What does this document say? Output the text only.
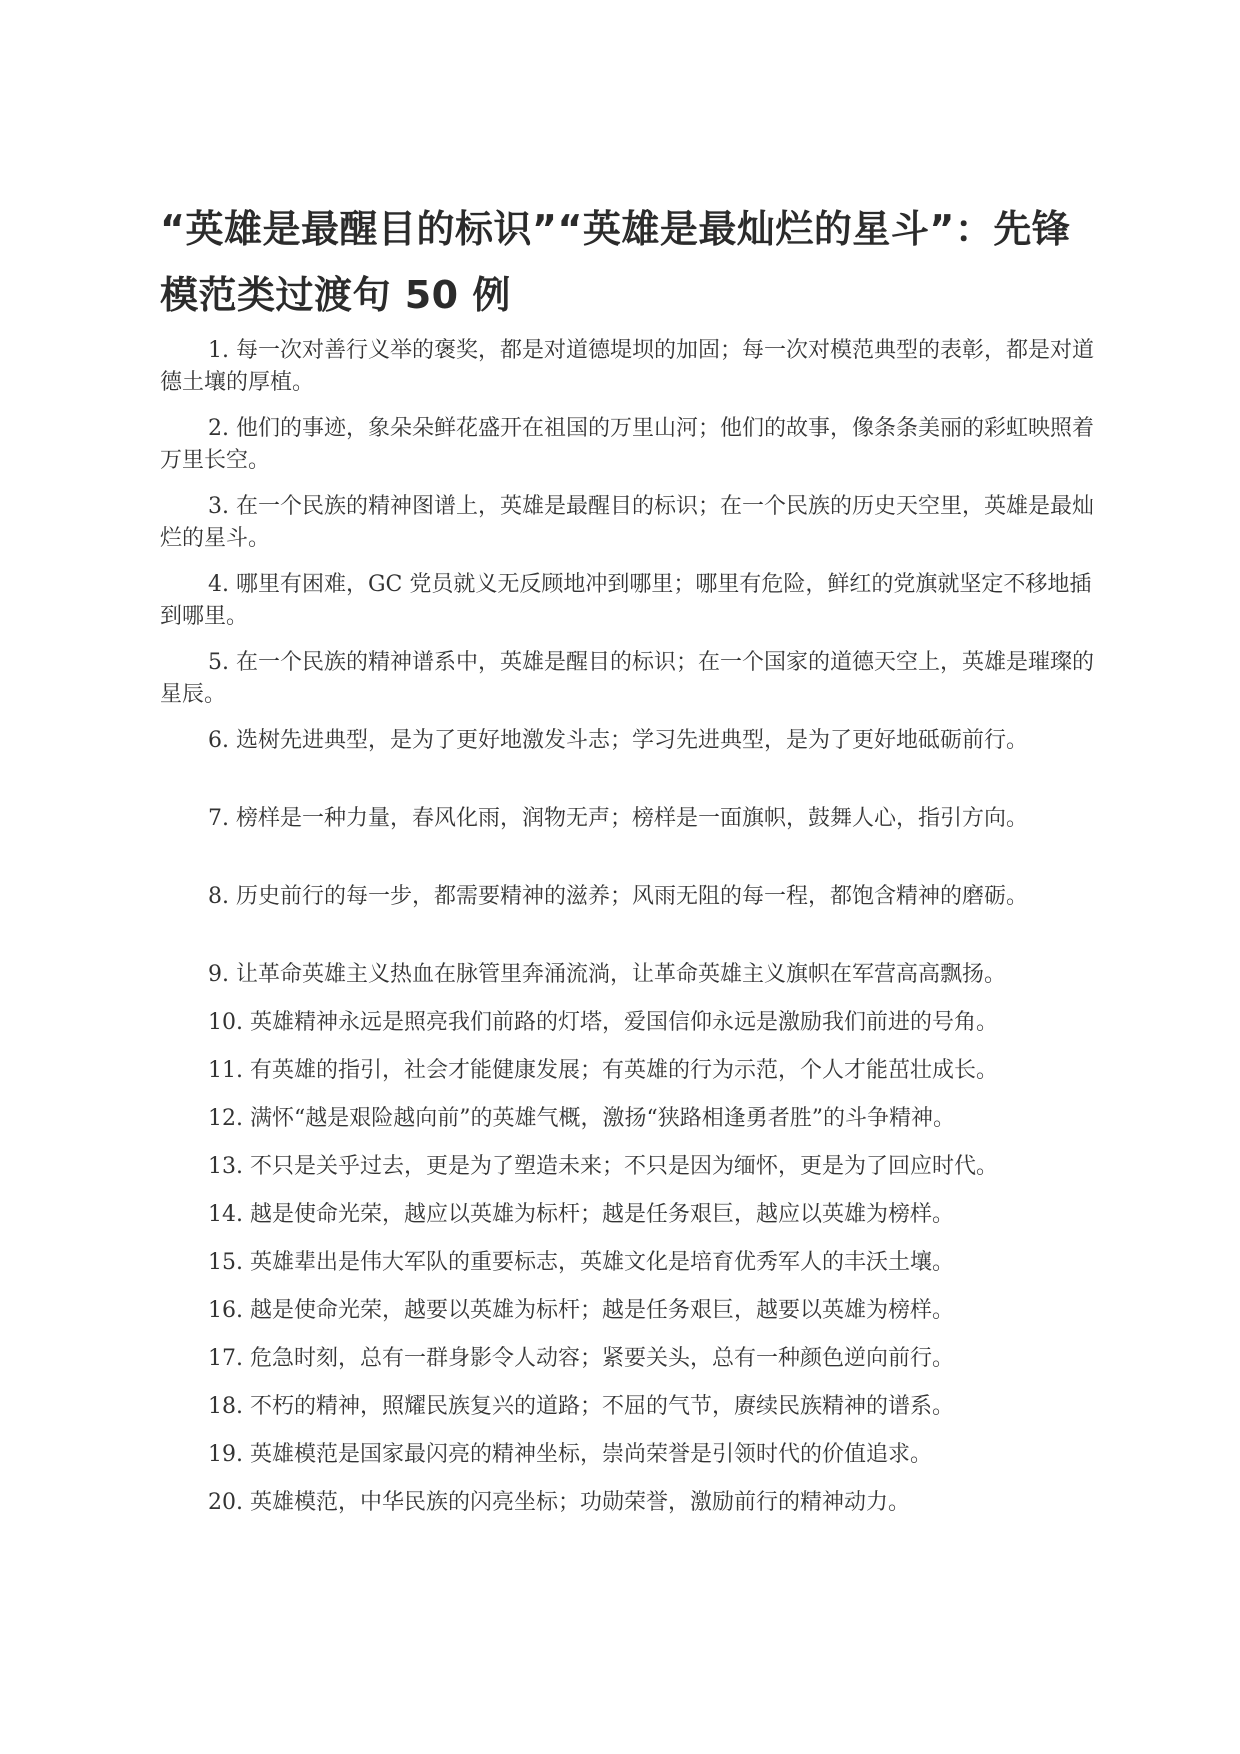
“英雄是最醒目的标识”“英雄是最灿烂的星斗”：先锋模范类过渡句 50 例
1. 每一次对善行义举的褒奖，都是对道德堤坝的加固；每一次对模范典型的表彰，都是对道德土壤的厚植。
2. 他们的事迹，象朵朵鲜花盛开在祖国的万里山河；他们的故事，像条条美丽的彩虹映照着万里长空。
3. 在一个民族的精神图谱上，英雄是最醒目的标识；在一个民族的历史天空里，英雄是最灿烂的星斗。
4. 哪里有困难，GC 党员就义无反顾地冲到哪里；哪里有危险，鲜红的党旗就坚定不移地插到哪里。
5. 在一个民族的精神谱系中，英雄是醒目的标识；在一个国家的道德天空上，英雄是璀璨的星辰。
6. 选树先进典型，是为了更好地激发斗志；学习先进典型，是为了更好地砥砺前行。
7. 榜样是一种力量，春风化雨，润物无声；榜样是一面旗帜，鼓舞人心，指引方向。
8. 历史前行的每一步，都需要精神的滋养；风雨无阻的每一程，都饱含精神的磨砺。
9. 让革命英雄主义热血在脉管里奔涌流淌，让革命英雄主义旗帜在军营高高飘扬。
10. 英雄精神永远是照亮我们前路的灯塔，爱国信仰永远是激励我们前进的号角。
11. 有英雄的指引，社会才能健康发展；有英雄的行为示范，个人才能茁壮成长。
12. 满怀“越是艰险越向前”的英雄气概，激扬“狭路相逢勇者胜”的斗争精神。
13. 不只是关乎过去，更是为了塑造未来；不只是因为缅怀，更是为了回应时代。
14. 越是使命光荣，越应以英雄为标杆；越是任务艰巨，越应以英雄为榜样。
15. 英雄辈出是伟大军队的重要标志，英雄文化是培育优秀军人的丰沃土壤。
16. 越是使命光荣，越要以英雄为标杆；越是任务艰巨，越要以英雄为榜样。
17. 危急时刻，总有一群身影令人动容；紧要关头，总有一种颜色逆向前行。
18. 不朽的精神，照耀民族复兴的道路；不屈的气节，赓续民族精神的谱系。
19. 英雄模范是国家最闪亮的精神坐标，崇尚荣誉是引领时代的价值追求。
20. 英雄模范，中华民族的闪亮坐标；功勋荣誉，激励前行的精神动力。
